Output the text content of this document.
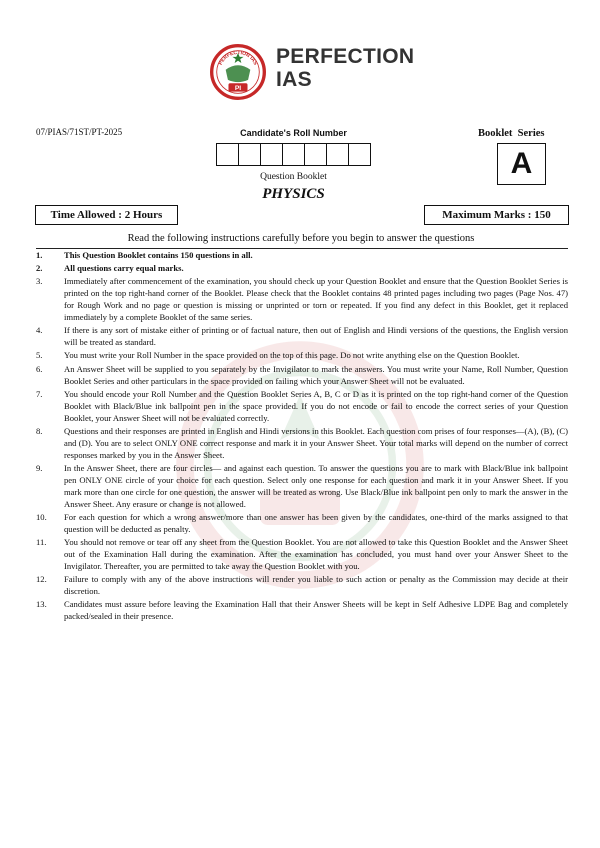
PERFECTION IAS
PI
PERFECTION
IAS
07/PIAS/71ST/PT-2025	Candidate's Roll Number
Question Booklet
PHYSICS
Booklet  Series
A
Time Allowed : 2 Hours	Maximum Marks : 150
Read the following instructions carefully before you begin to answer the questions
1.	This Question Booklet contains 150 questions in all.
2.	All questions carry equal marks.
3.	Immediately after commencement of the examination, you should check up your Question Booklet and ensure that the Question Booklet Series is printed on the top right-hand corner of the Booklet. Please check that the Booklet contains 48 printed pages including two pages (Page Nos. 47) for Rough Work and no page or question is missing or unprinted or torn or repeated. If you find any defect in this Booklet, get it replaced immediately by a complete Booklet of the same series.
4.	If there is any sort of mistake either of printing or of factual nature, then out of English and Hindi versions of the questions, the English version will be treated as standard.
5.	You must write your Roll Number in the space provided on the top of this page. Do not write anything else on the Question Booklet.
6.	An Answer Sheet will be supplied to you separately by the Invigilator to mark the answers. You must write your Name, Roll Number, Question Booklet Series and other particulars in the space provided on failing which your Answer Sheet will not be evaluated.
7.	You should encode your Roll Number and the Question Booklet Series A, B, C or D as it is printed on the top right-hand corner of the Question Booklet with Black/Blue ink ballpoint pen in the space provided. If you do not encode or fail to encode the correct series of your Question Booklet, your Answer Sheet will not be evaluated correctly.
8.	Questions and their responses are printed in English and Hindi versions in this Booklet. Each question com prises of four responses—(A), (B), (C) and (D). You are to select ONLY ONE correct response and mark it in your Answer Sheet. Your total marks will depend on the number of correct responses marked by you in the Answer Sheet.
9.	In the Answer Sheet, there are four circles— and against each question. To answer the questions you are to mark with Black/Blue ink ballpoint pen ONLY ONE circle of your choice for each question. Select only one response for each question and mark it in your Answer Sheet. If you mark more than one circle for one question, the answer will be treated as wrong. Use Black/Blue ink ballpoint pen only to mark the answer in the Answer Sheet. Any erasure or change is not allowed.
10.	For each question for which a wrong answer/more than one answer has been given by the candidates, one-third of the marks assigned to that question will be deducted as penalty.
11.	You should not remove or tear off any sheet from the Question Booklet. You are not allowed to take this Question Booklet and the Answer Sheet out of the Examination Hall during the examination. After the examination has concluded, you must hand over your Answer Sheet to the Invigilator. Thereafter, you are permitted to take away the Question Booklet with you.
12.	Failure to comply with any of the above instructions will render you liable to such action or penalty as the Commission may decide at their discretion.
13.	Candidates must assure before leaving the Examination Hall that their Answer Sheets will be kept in Self Adhesive LDPE Bag and completely packed/sealed in their presence.
